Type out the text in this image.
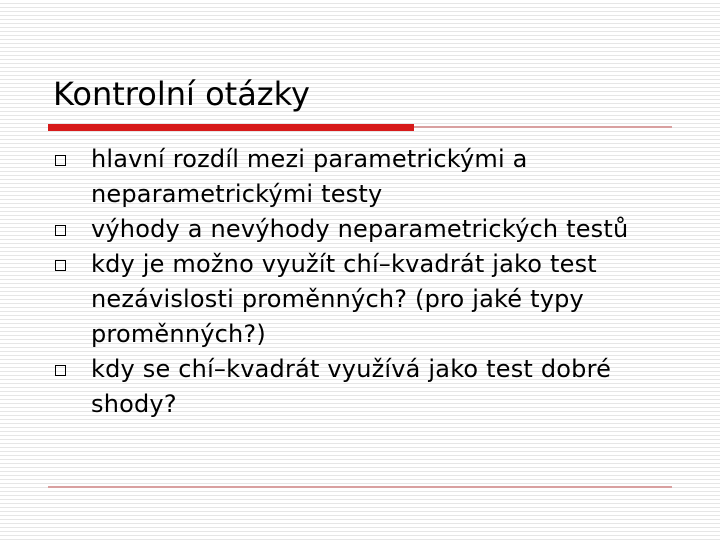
Kontrolní otázky
hlavní rozdíl mezi parametrickými a neparametrickými testy
výhody a nevýhody neparametrických testů
kdy je možno využít chí–kvadrát jako test nezávislosti proměnných? (pro jaké typy proměnných?)
kdy se chí–kvadrát využívá jako test dobré shody?
